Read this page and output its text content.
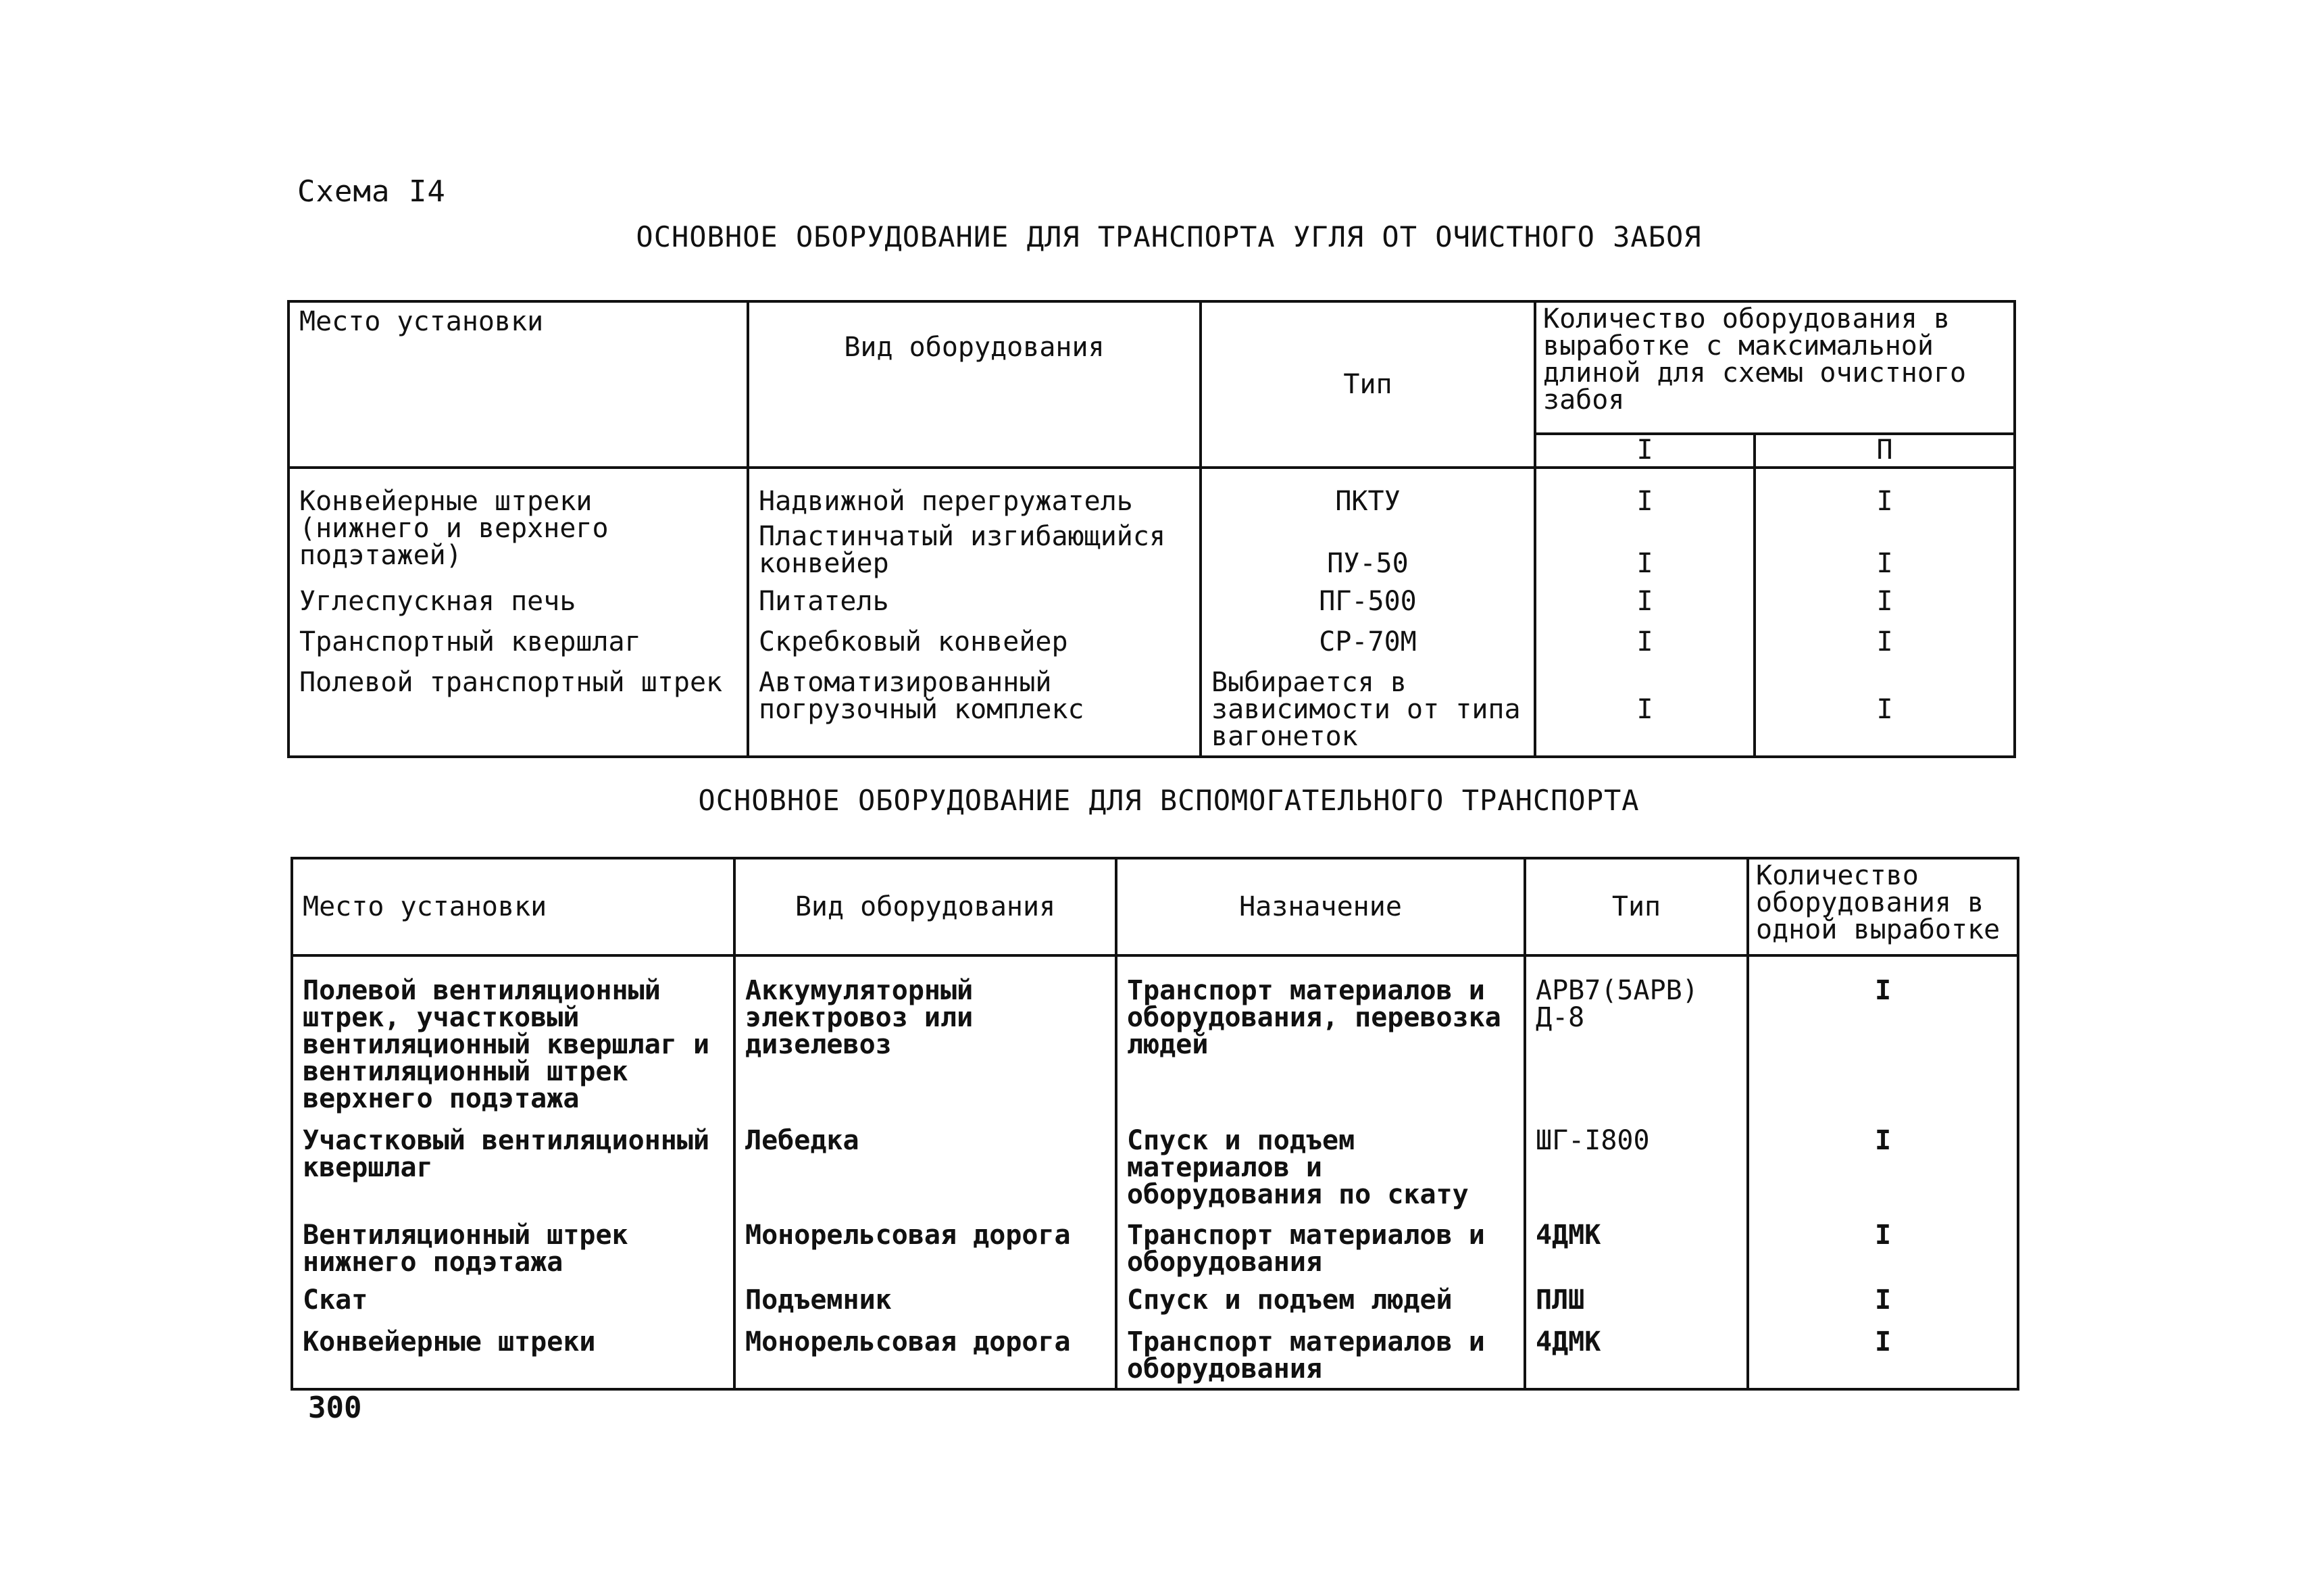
Схема I4
ОСНОВНОЕ ОБОРУДОВАНИЕ ДЛЯ ТРАНСПОРТА УГЛЯ ОТ ОЧИСТНОГО ЗАБОЯ
Место установки	Вид оборудования	Тип	Количество оборудования в выработке с максимальной длиной для схемы очистного забоя	
			I	П
Конвейерные штреки (нижнего и верхнего подэтажей)	Надвижной перегружатель	ПКТУ	I	I
	Пластинчатый изгибающийся конвейер	ПУ-50	I	I
Углеспускная печь	Питатель	ПГ-500	I	I
Транспортный квершлаг	Скребковый конвейер	СР-70М	I	I
Полевой транспортный штрек	Автоматизированный погрузочный комплекс	Выбирается в зависимости от типа вагонеток	I	I
ОСНОВНОЕ ОБОРУДОВАНИЕ ДЛЯ ВСПОМОГАТЕЛЬНОГО ТРАНСПОРТА
Место установки	Вид оборудования	Назначение	Тип	Количество оборудования в одной выработке
Полевой вентиляционный штрек, участковый вентиляционный квершлаг и вентиляционный штрек верхнего подэтажа	Аккумуляторный электровоз или дизелевоз	Транспорт материалов и оборудования, перевозка людей	АРВ7(5АРВ) Д-8	I
Участковый вентиляционный квершлаг	Лебедка	Спуск и подъем материалов и оборудования по скату	ШГ-I800	I
Вентиляционный штрек нижнего подэтажа	Монорельсовая дорога	Транспорт материалов и оборудования	4ДМК	I
Скат	Подъемник	Спуск и подъем людей	ПЛШ	I
Конвейерные штреки	Монорельсовая дорога	Транспорт материалов и оборудования	4ДМК	I
300
